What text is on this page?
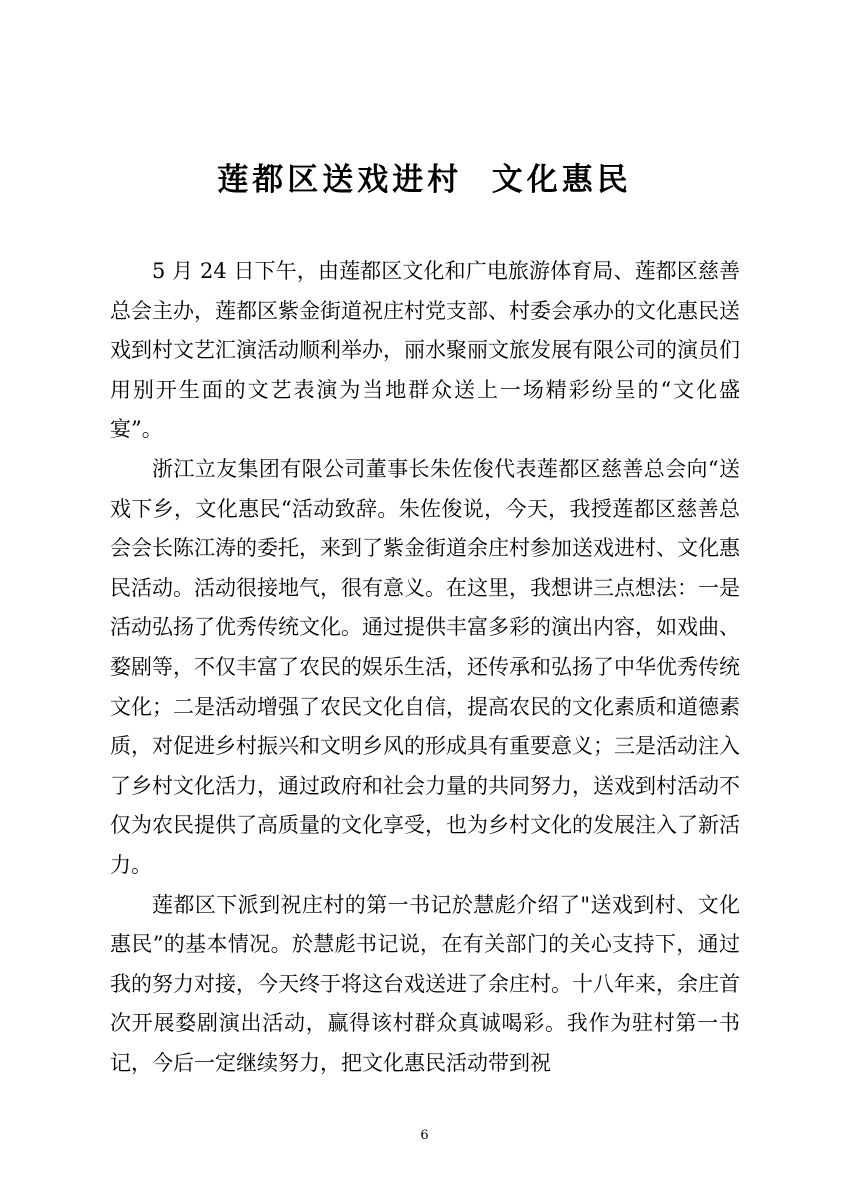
莲都区送戏进村  文化惠民

5 月 24 日下午，由莲都区文化和广电旅游体育局、莲都区慈善总会主办，莲都区紫金街道祝庄村党支部、村委会承办的文化惠民送戏到村文艺汇演活动顺利举办，丽水聚丽文旅发展有限公司的演员们用别开生面的文艺表演为当地群众送上一场精彩纷呈的“文化盛宴”。

浙江立友集团有限公司董事长朱佐俊代表莲都区慈善总会向“送戏下乡，文化惠民“活动致辞。朱佐俊说，今天，我授莲都区慈善总会会长陈江涛的委托，来到了紫金街道余庄村参加送戏进村、文化惠民活动。活动很接地气，很有意义。在这里，我想讲三点想法：一是活动弘扬了优秀传统文化。通过提供丰富多彩的演出内容，如戏曲、婺剧等，不仅丰富了农民的娱乐生活，还传承和弘扬了中华优秀传统文化；二是活动增强了农民文化自信，提高农民的文化素质和道德素质，对促进乡村振兴和文明乡风的形成具有重要意义；三是活动注入了乡村文化活力，通过政府和社会力量的共同努力，送戏到村活动不仅为农民提供了高质量的文化享受，也为乡村文化的发展注入了新活力。

莲都区下派到祝庄村的第一书记於慧彪介绍了"送戏到村、文化惠民”的基本情况。於慧彪书记说，在有关部门的关心支持下，通过我的努力对接，今天终于将这台戏送进了余庄村。十八年来，余庄首次开展婺剧演出活动，赢得该村群众真诚喝彩。我作为驻村第一书记，今后一定继续努力，把文化惠民活动带到祝

6
